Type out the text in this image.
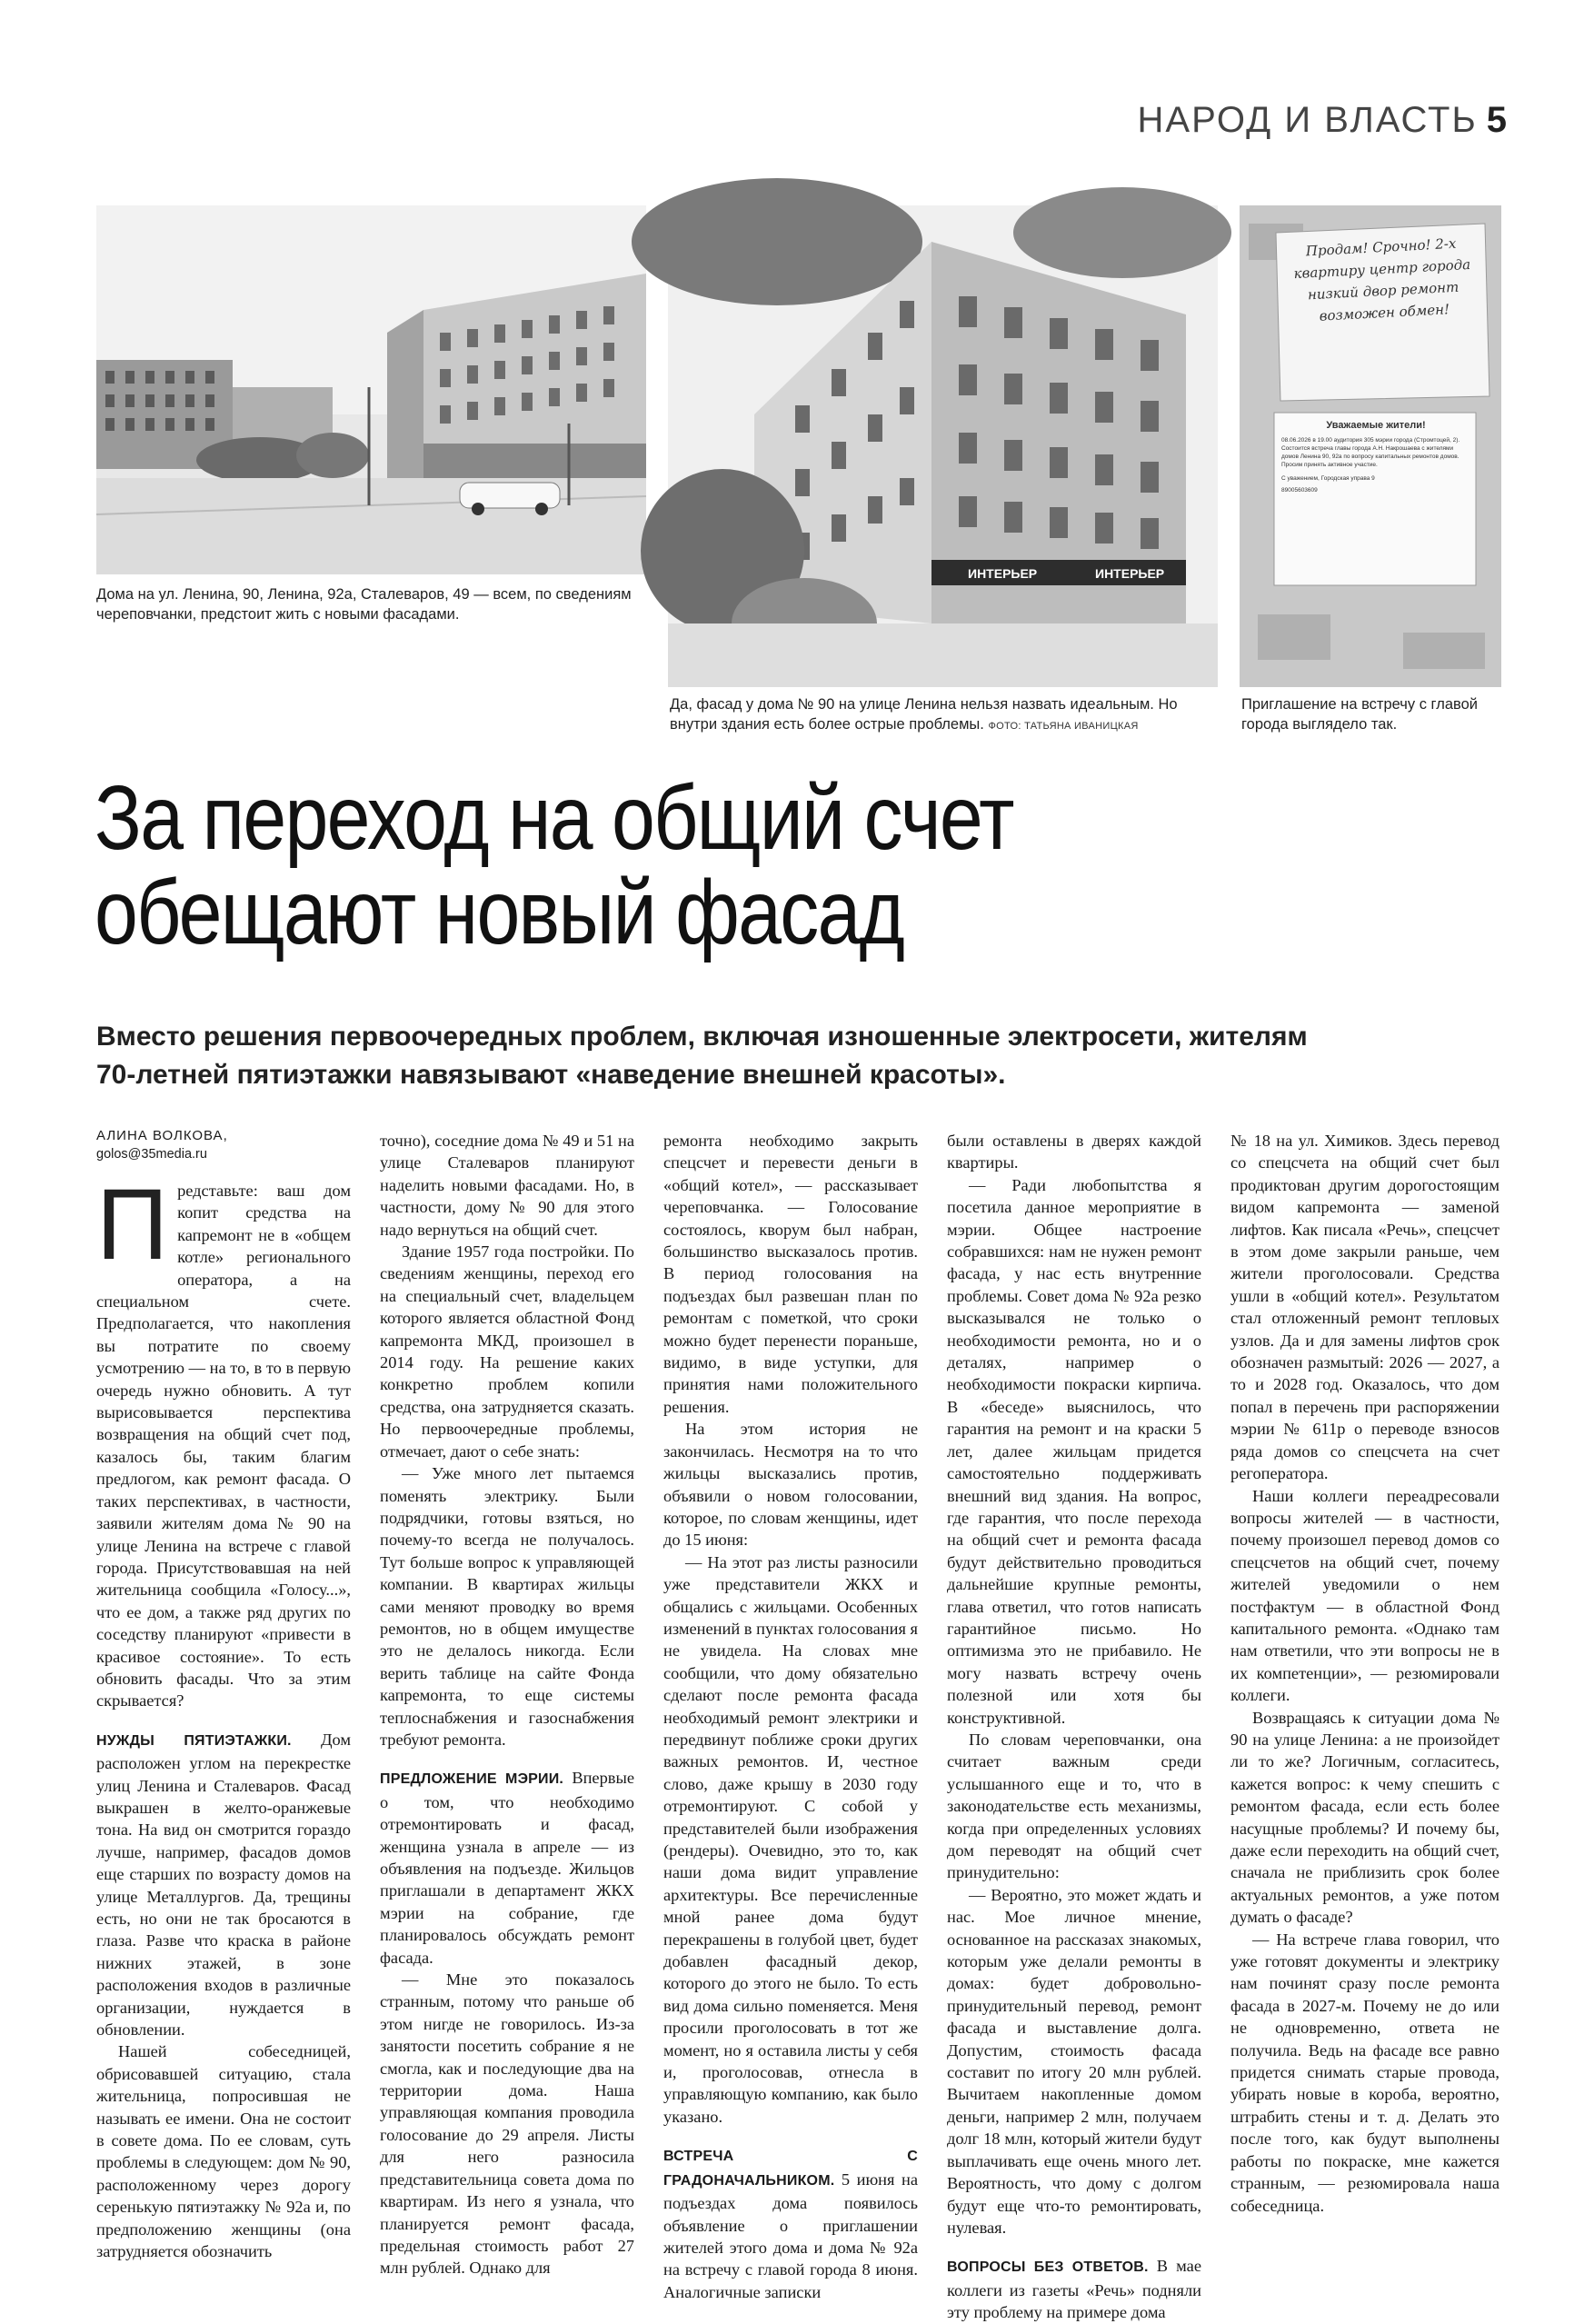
НАРОД И ВЛАСТЬ 5
Дома на ул. Ленина, 90, Ленина, 92а, Сталеваров, 49 — всем, по сведениям череповчанки, предстоит жить с новыми фасадами.
ИНТЕРЬЕР	ИНТЕРЬЕР
Да, фасад у дома № 90 на улице Ленина нельзя назвать идеальным. Но внутри здания есть более острые проблемы. ФОТО: ТАТЬЯНА ИВАНИЦКАЯ
Продам! Срочно! 2-х квартиру центр города низкий двор ремонт возможен обмен!
Уважаемые жители!
08.06.2026 в 19.00 аудитория 305 мэрии города (Стромтоцей, 2). Состоится встреча главы города А.Н. Накрошаева с жителями домов Ленина 90, 92а по вопросу капитальных ремонтов домов. Просим принять активное участие.
С уважением, Городская управа 9
89005603609
Приглашение на встречу с главой города выглядело так.
За переход на общий счет
обещают новый фасад
Вместо решения первоочередных проблем, включая изношенные электросети, жителям
70-летней пятиэтажки навязывают «наведение внешней красоты».
АЛИНА ВОЛКОВА,
golos@35media.ru

Представьте: ваш дом копит средства на капремонт не в «общем котле» регионального оператора, а на специальном счете. Предполагается, что накопления вы потратите по своему усмотрению — на то, в то в первую очередь нужно обновить. А тут вырисовывается перспектива возвращения на общий счет под, казалось бы, таким благим предлогом, как ремонт фасада. О таких перспективах, в частности, заявили жителям дома № 90 на улице Ленина на встрече с главой города. Присутствовавшая на ней жительница сообщила «Голосу...», что ее дом, а также ряд других по соседству планируют «привести в красивое состояние». То есть обновить фасады. Что за этим скрывается?

НУЖДЫ ПЯТИЭТАЖКИ. Дом расположен углом на перекрестке улиц Ленина и Сталеваров. Фасад выкрашен в желто-оранжевые тона. На вид он смотрится гораздо лучше, например, фасадов домов еще старших по возрасту домов на улице Металлургов. Да, трещины есть, но они не так бросаются в глаза. Разве что краска в районе нижних этажей, в зоне расположения входов в различные организации, нуждается в обновлении.

Нашей собеседницей, обрисовавшей ситуацию, стала жительница, попросившая не называть ее имени. Она не состоит в совете дома. По ее словам, суть проблемы в следующем: дом № 90, расположенному через дорогу серенькую пятиэтажку № 92а и, по предположению женщины (она затрудняется обозначить

точно), соседние дома № 49 и 51 на улице Сталеваров планируют наделить новыми фасадами. Но, в частности, дому № 90 для этого надо вернуться на общий счет.

Здание 1957 года постройки. По сведениям женщины, переход его на специальный счет, владельцем которого является областной Фонд капремонта МКД, произошел в 2014 году. На решение каких конкретно проблем копили средства, она затрудняется сказать. Но первоочередные проблемы, отмечает, дают о себе знать:

— Уже много лет пытаемся поменять электрику. Были подрядчики, готовы взяться, но почему-то всегда не получалось. Тут больше вопрос к управляющей компании. В квартирах жильцы сами меняют проводку во время ремонтов, но в общем имуществе это не делалось никогда. Если верить таблице на сайте Фонда капремонта, то еще системы теплоснабжения и газоснабжения требуют ремонта.

ПРЕДЛОЖЕНИЕ МЭРИИ. Впервые о том, что необходимо отремонтировать и фасад, женщина узнала в апреле — из объявления на подъезде. Жильцов приглашали в департамент ЖКХ мэрии на собрание, где планировалось обсуждать ремонт фасада.

— Мне это показалось странным, потому что раньше об этом нигде не говорилось. Из-за занятости посетить собрание я не смогла, как и последующие два на территории дома. Наша управляющая компания проводила голосование до 29 апреля. Листы для него разносила представительница совета дома по квартирам. Из него я узнала, что планируется ремонт фасада, предельная стоимость работ 27 млн рублей. Однако для

ремонта необходимо закрыть спецсчет и перевести деньги в «общий котел», — рассказывает череповчанка. — Голосование состоялось, кворум был набран, большинство высказалось против. В период голосования на подъездах был развешан план по ремонтам с пометкой, что сроки можно будет перенести пораньше, видимо, в виде уступки, для принятия нами положительного решения.

На этом история не закончилась. Несмотря на то что жильцы высказались против, объявили о новом голосовании, которое, по словам женщины, идет до 15 июня:

— На этот раз листы разносили уже представители ЖКХ и общались с жильцами. Особенных изменений в пунктах голосования я не увидела. На словах мне сообщили, что дому обязательно сделают после ремонта фасада необходимый ремонт электрики и передвинут поближе сроки других важных ремонтов. И, честное слово, даже крышу в 2030 году отремонтируют. С собой у представителей были изображения (рендеры). Очевидно, это то, как наши дома видит управление архитектуры. Все перечисленные мной ранее дома будут перекрашены в голубой цвет, будет добавлен фасадный декор, которого до этого не было. То есть вид дома сильно поменяется. Меня просили проголосовать в тот же момент, но я оставила листы у себя и, проголосовав, отнесла в управляющую компанию, как было указано.

ВСТРЕЧА С ГРАДОНАЧАЛЬНИКОМ. 5 июня на подъездах дома появилось объявление о приглашении жителей этого дома и дома № 92а на встречу с главой города 8 июня. Аналогичные записки

были оставлены в дверях каждой квартиры.

— Ради любопытства я посетила данное мероприятие в мэрии. Общее настроение собравшихся: нам не нужен ремонт фасада, у нас есть внутренние проблемы. Совет дома № 92а резко высказывался не только о необходимости ремонта, но и о деталях, например о необходимости покраски кирпича. В «беседе» выяснилось, что гарантия на ремонт и на краски 5 лет, далее жильцам придется самостоятельно поддерживать внешний вид здания. На вопрос, где гарантия, что после перехода на общий счет и ремонта фасада будут действительно проводиться дальнейшие крупные ремонты, глава ответил, что готов написать гарантийное письмо. Но оптимизма это не прибавило. Не могу назвать встречу очень полезной или хотя бы конструктивной.

По словам череповчанки, она считает важным среди услышанного еще и то, что в законодательстве есть механизмы, когда при определенных условиях дом переводят на общий счет принудительно:

— Вероятно, это может ждать и нас. Мое личное мнение, основанное на рассказах знакомых, которым уже делали ремонты в домах: будет добровольно-принудительный перевод, ремонт фасада и выставление долга. Допустим, стоимость фасада составит по итогу 20 млн рублей. Вычитаем накопленные домом деньги, например 2 млн, получаем долг 18 млн, который жители будут выплачивать еще очень много лет. Вероятность, что дому с долгом будут еще что-то ремонтировать, нулевая.

ВОПРОСЫ БЕЗ ОТВЕТОВ. В мае коллеги из газеты «Речь» подняли эту проблему на примере дома

№ 18 на ул. Химиков. Здесь перевод со спецсчета на общий счет был продиктован другим дорогостоящим видом капремонта — заменой лифтов. Как писала «Речь», спецсчет в этом доме закрыли раньше, чем жители проголосовали. Средства ушли в «общий котел». Результатом стал отложенный ремонт тепловых узлов. Да и для замены лифтов срок обозначен размытый: 2026 — 2027, а то и 2028 год. Оказалось, что дом попал в перечень при распоряжении мэрии № 611р о переводе взносов ряда домов со спецсчета на счет регоператора.

Наши коллеги переадресовали вопросы жителей — в частности, почему произошел перевод домов со спецсчетов на общий счет, почему жителей уведомили о нем постфактум — в областной Фонд капитального ремонта. «Однако там нам ответили, что эти вопросы не в их компетенции», — резюмировали коллеги.

Возвращаясь к ситуации дома № 90 на улице Ленина: а не произойдет ли то же? Логичным, согласитесь, кажется вопрос: к чему спешить с ремонтом фасада, если есть более насущные проблемы? И почему бы, даже если переходить на общий счет, сначала не приблизить срок более актуальных ремонтов, а уже потом думать о фасаде?

— На встрече глава говорил, что уже готовят документы и электрику нам починят сразу после ремонта фасада в 2027-м. Почему не до или не одновременно, ответа не получила. Ведь на фасаде все равно придется снимать старые провода, убирать новые в короба, вероятно, штрабить стены и т. д. Делать это после того, как будут выполнены работы по покраске, мне кажется странным, — резюмировала наша собеседница.
